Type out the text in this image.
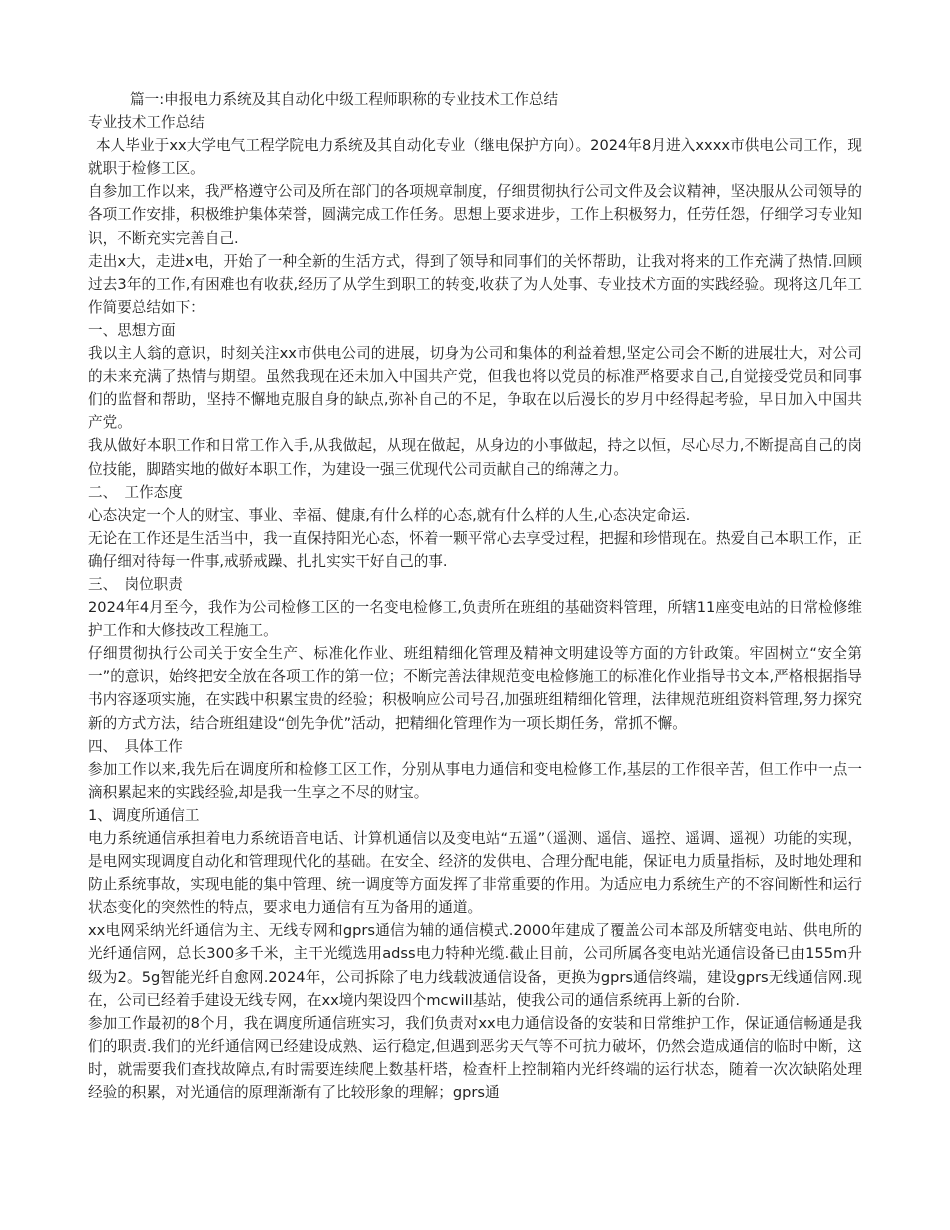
篇一:申报电力系统及其自动化中级工程师职称的专业技术工作总结

专业技术工作总结

本人毕业于xx大学电气工程学院电力系统及其自动化专业（继电保护方向）。2024年8月进入xxxx市供电公司工作，现就职于检修工区。

自参加工作以来，我严格遵守公司及所在部门的各项规章制度，仔细贯彻执行公司文件及会议精神，坚决服从公司领导的各项工作安排，积极维护集体荣誉，圆满完成工作任务。思想上要求进步，工作上积极努力，任劳任怨，仔细学习专业知识，不断充实完善自己.

走出x大，走进x电，开始了一种全新的生活方式，得到了领导和同事们的关怀帮助，让我对将来的工作充满了热情.回顾过去3年的工作,有困难也有收获,经历了从学生到职工的转变,收获了为人处事、专业技术方面的实践经验。现将这几年工作简要总结如下：

一、思想方面

我以主人翁的意识，时刻关注xx市供电公司的进展，切身为公司和集体的利益着想,坚定公司会不断的进展壮大，对公司的未来充满了热情与期望。虽然我现在还未加入中国共产党，但我也将以党员的标准严格要求自己,自觉接受党员和同事们的监督和帮助，坚持不懈地克服自身的缺点,弥补自己的不足，争取在以后漫长的岁月中经得起考验，早日加入中国共产党。

我从做好本职工作和日常工作入手,从我做起，从现在做起，从身边的小事做起，持之以恒，尽心尽力,不断提高自己的岗位技能，脚踏实地的做好本职工作，为建设一强三优现代公司贡献自己的绵薄之力。

二、　工作态度

心态决定一个人的财宝、事业、幸福、健康,有什么样的心态,就有什么样的人生,心态决定命运.

无论在工作还是生活当中，我一直保持阳光心态，怀着一颗平常心去享受过程，把握和珍惜现在。热爱自己本职工作，正确仔细对待每一件事,戒骄戒躁、扎扎实实干好自己的事.

三、　岗位职责

2024年4月至今，我作为公司检修工区的一名变电检修工,负责所在班组的基础资料管理，所辖11座变电站的日常检修维护工作和大修技改工程施工。

仔细贯彻执行公司关于安全生产、标准化作业、班组精细化管理及精神文明建设等方面的方针政策。牢固树立“安全第一”的意识，始终把安全放在各项工作的第一位；不断完善法律规范变电检修施工的标准化作业指导书文本,严格根据指导书内容逐项实施，在实践中积累宝贵的经验；积极响应公司号召,加强班组精细化管理，法律规范班组资料管理,努力探究新的方式方法，结合班组建设“创先争优”活动，把精细化管理作为一项长期任务，常抓不懈。

四、　具体工作

参加工作以来,我先后在调度所和检修工区工作，分别从事电力通信和变电检修工作,基层的工作很辛苦，但工作中一点一滴积累起来的实践经验,却是我一生享之不尽的财宝。

1、调度所通信工

电力系统通信承担着电力系统语音电话、计算机通信以及变电站“五遥”（遥测、遥信、遥控、遥调、遥视）功能的实现，是电网实现调度自动化和管理现代化的基础。在安全、经济的发供电、合理分配电能，保证电力质量指标，及时地处理和防止系统事故，实现电能的集中管理、统一调度等方面发挥了非常重要的作用。为适应电力系统生产的不容间断性和运行状态变化的突然性的特点，要求电力通信有互为备用的通道。

xx电网采纳光纤通信为主、无线专网和gprs通信为辅的通信模式.2000年建成了覆盖公司本部及所辖变电站、供电所的光纤通信网，总长300多千米，主干光缆选用adss电力特种光缆.截止目前，公司所属各变电站光通信设备已由155m升级为2。5g智能光纤自愈网.2024年，公司拆除了电力线载波通信设备，更换为gprs通信终端，建设gprs无线通信网.现在，公司已经着手建设无线专网，在xx境内架设四个mcwill基站，使我公司的通信系统再上新的台阶.

参加工作最初的8个月，我在调度所通信班实习，我们负责对xx电力通信设备的安装和日常维护工作，保证通信畅通是我们的职责.我们的光纤通信网已经建设成熟、运行稳定,但遇到恶劣天气等不可抗力破坏，仍然会造成通信的临时中断，这时，就需要我们查找故障点,有时需要连续爬上数基杆塔，检查杆上控制箱内光纤终端的运行状态，随着一次次缺陷处理经验的积累，对光通信的原理渐渐有了比较形象的理解；gprs通
